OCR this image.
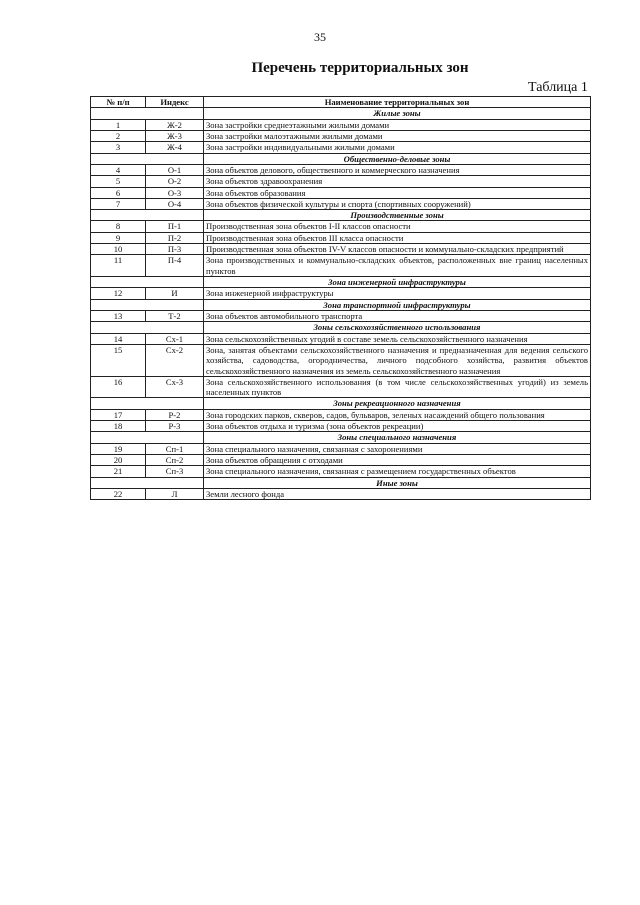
35
Перечень территориальных зон
Таблица 1
№ п/п	Индекс	Наименование территориальных зон
		Жилые зоны
1	Ж-2	Зона застройки среднеэтажными жилыми домами
2	Ж-3	Зона застройки малоэтажными жилыми домами
3	Ж-4	Зона застройки индивидуальными жилыми домами
		Общественно-деловые зоны
4	О-1	Зона объектов делового, общественного и коммерческого назначения
5	О-2	Зона объектов здравоохранения
6	О-3	Зона объектов образования
7	О-4	Зона объектов физической культуры и спорта (спортивных сооружений)
		Производственные зоны
8	П-1	Производственная зона объектов I-II классов опасности
9	П-2	Производственная зона объектов III класса опасности
10	П-3	Производственная зона объектов IV-V классов опасности и коммунально-складских предприятий
11	П-4	Зона производственных и коммунально-складских объектов, расположенных вне границ населенных пунктов
		Зона инженерной инфраструктуры
12	И	Зона инженерной инфраструктуры
		Зона транспортной инфраструктуры
13	Т-2	Зона объектов автомобильного транспорта
		Зоны сельскохозяйственного использования
14	Сх-1	Зона сельскохозяйственных угодий в составе земель сельскохозяйственного назначения
15	Сх-2	Зона, занятая объектами сельскохозяйственного назначения и предназначенная для ведения сельского хозяйства, садоводства, огородничества, личного подсобного хозяйства, развития объектов сельскохозяйственного назначения из земель сельскохозяйственного назначения
16	Сх-3	Зона сельскохозяйственного использования (в том числе сельскохозяйственных угодий) из земель населенных пунктов
		Зоны рекреационного назначения
17	Р-2	Зона городских парков, скверов, садов, бульваров, зеленых насаждений общего пользования
18	Р-3	Зона объектов отдыха и туризма (зона объектов рекреации)
		Зоны специального назначения
19	Сп-1	Зона специального назначения, связанная с захоронениями
20	Сп-2	Зона объектов обращения с отходами
21	Сп-3	Зона специального назначения, связанная с размещением государственных объектов
		Иные зоны
22	Л	Земли лесного фонда
